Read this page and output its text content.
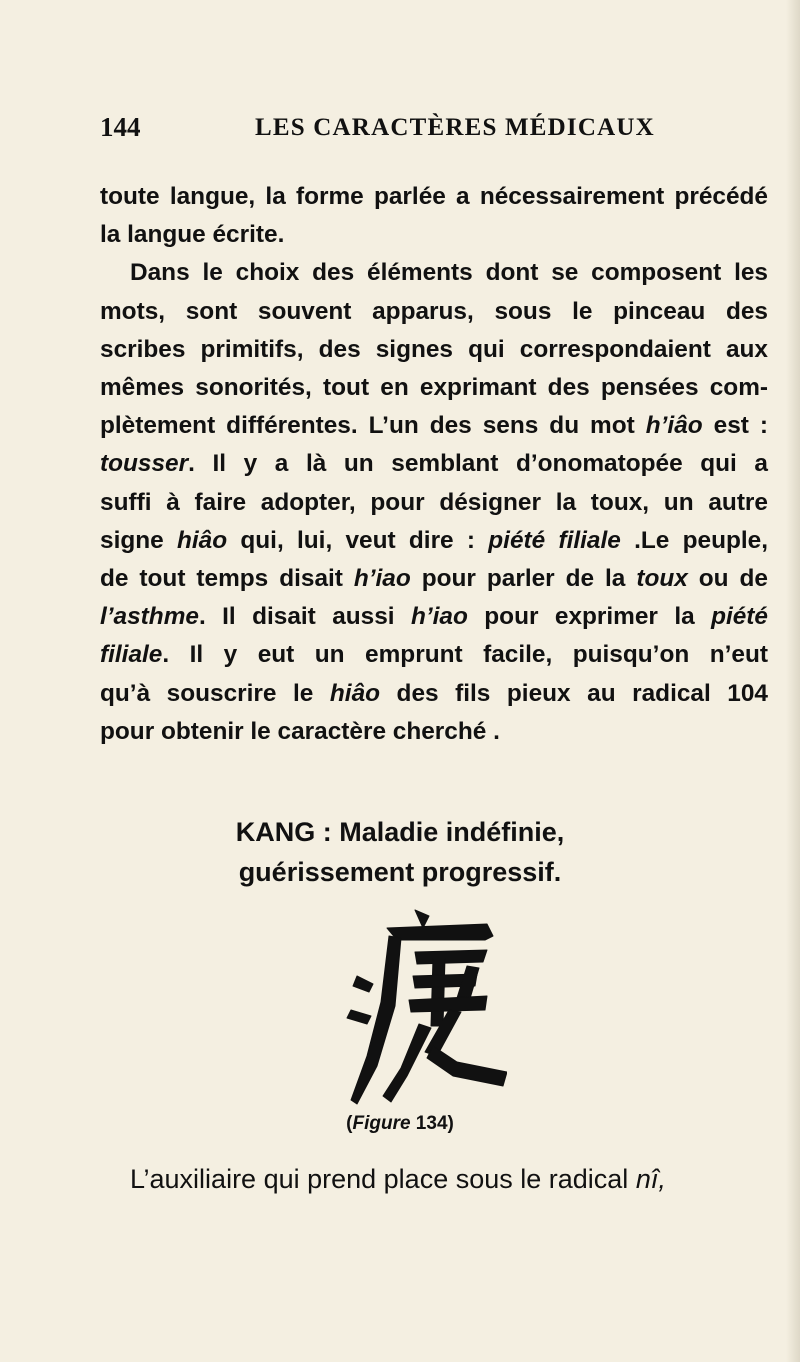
144	LES CARACTÈRES MÉDICAUX
toute langue, la forme parlée a nécessairement précédé
la langue écrite.
Dans le choix des éléments dont se composent les
mots, sont souvent apparus, sous le pinceau des
scribes primitifs, des signes qui correspondaient aux
mêmes sonorités, tout en exprimant des pensées com-
plètement différentes. L’un des sens du mot h’iâo est :
tousser. Il y a là un semblant d’onomatopée qui a
suffi à faire adopter, pour désigner la toux, un autre
signe hiâo qui, lui, veut dire : piété filiale .Le peuple,
de tout temps disait h’iao pour parler de la toux ou de
l’asthme. Il disait aussi h’iao pour exprimer la piété
filiale. Il y eut un emprunt facile, puisqu’on n’eut
qu’à souscrire le hiâo des fils pieux au radical 104
pour obtenir le caractère cherché .
KANG : Maladie indéfinie,
guérissement progressif.
(Figure 134)
L’auxiliaire qui prend place sous le radical nî,
